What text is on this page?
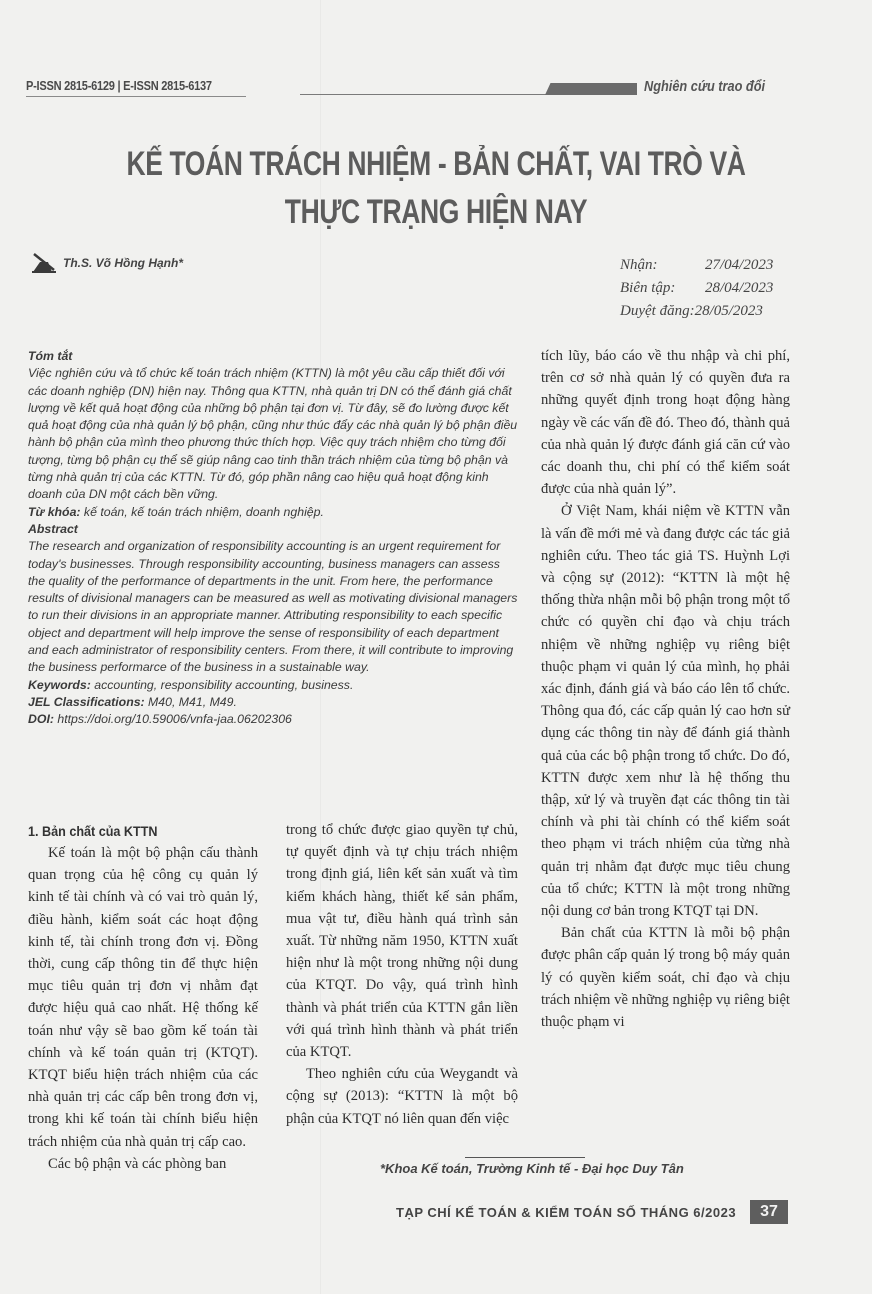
P-ISSN 2815-6129 | E-ISSN 2815-6137	Nghiên cứu trao đổi
KẾ TOÁN TRÁCH NHIỆM - BẢN CHẤT, VAI TRÒ VÀ
THỰC TRẠNG HIỆN NAY
Th.S. Võ Hồng Hạnh*	Nhận:	27/04/2023
Biên tập:	28/04/2023
Duyệt đăng: 28/05/2023

Tóm tắt

Việc nghiên cứu và tổ chức kế toán trách nhiệm (KTTN) là một yêu cầu cấp thiết đối với các doanh nghiệp (DN) hiện nay. Thông qua KTTN, nhà quản trị DN có thể đánh giá chất lượng về kết quả hoạt động của những bộ phận tại đơn vị. Từ đây, sẽ đo lường được kết quả hoạt động của nhà quản lý bộ phận, cũng như thúc đẩy các nhà quản lý bộ phận điều hành bộ phận của mình theo phương thức thích hợp. Việc quy trách nhiệm cho từng đối tượng, từng bộ phận cụ thể sẽ giúp nâng cao tinh thần trách nhiệm của từng bộ phận và từng nhà quản trị của các KTTN. Từ đó, góp phần nâng cao hiệu quả hoạt động kinh doanh của DN một cách bền vững.

Từ khóa: kế toán, kế toán trách nhiệm, doanh nghiệp.

Abstract

The research and organization of responsibility accounting is an urgent requirement for today's businesses. Through responsibility accounting, business managers can assess the quality of the performance of departments in the unit. From here, the performance results of divisional managers can be measured as well as motivating divisional managers to run their divisions in an appropriate manner. Attributing responsibility to each specific object and department will help improve the sense of responsibility of each department and each administrator of responsibility centers. From there, it will contribute to improving the business performarce of the business in a sustainable way.

Keywords: accounting, responsibility accounting, business.

JEL Classifications: M40, M41, M49.

DOI: https://doi.org/10.59006/vnfa-jaa.06202306

1. Bản chất của KTTN

Kế toán là một bộ phận cấu thành quan trọng của hệ công cụ quản lý kinh tế tài chính và có vai trò quản lý, điều hành, kiểm soát các hoạt động kinh tế, tài chính trong đơn vị. Đồng thời, cung cấp thông tin để thực hiện mục tiêu quản trị đơn vị nhằm đạt được hiệu quả cao nhất. Hệ thống kế toán như vậy sẽ bao gồm kế toán tài chính và kế toán quản trị (KTQT). KTQT biểu hiện trách nhiệm của các nhà quản trị các cấp bên trong đơn vị, trong khi kế toán tài chính biểu hiện trách nhiệm của nhà quản trị cấp cao.

Các bộ phận và các phòng ban

trong tổ chức được giao quyền tự chủ, tự quyết định và tự chịu trách nhiệm trong định giá, liên kết sản xuất và tìm kiếm khách hàng, thiết kế sản phẩm, mua vật tư, điều hành quá trình sản xuất. Từ những năm 1950, KTTN xuất hiện như là một trong những nội dung của KTQT. Do vậy, quá trình hình thành và phát triển của KTTN gắn liền với quá trình hình thành và phát triển của KTQT.

Theo nghiên cứu của Weygandt và cộng sự (2013): “KTTN là một bộ phận của KTQT nó liên quan đến việc

tích lũy, báo cáo về thu nhập và chi phí, trên cơ sở nhà quản lý có quyền đưa ra những quyết định trong hoạt động hàng ngày về các vấn đề đó. Theo đó, thành quả của nhà quản lý được đánh giá căn cứ vào các doanh thu, chi phí có thể kiểm soát được của nhà quản lý”.

Ở Việt Nam, khái niệm về KTTN vẫn là vấn đề mới mẻ và đang được các tác giả nghiên cứu. Theo tác giả TS. Huỳnh Lợi và cộng sự (2012): “KTTN là một hệ thống thừa nhận mỗi bộ phận trong một tổ chức có quyền chỉ đạo và chịu trách nhiệm về những nghiệp vụ riêng biệt thuộc phạm vi quản lý của mình, họ phải xác định, đánh giá và báo cáo lên tổ chức. Thông qua đó, các cấp quản lý cao hơn sử dụng các thông tin này để đánh giá thành quả của các bộ phận trong tổ chức. Do đó, KTTN được xem như là hệ thống thu thập, xử lý và truyền đạt các thông tin tài chính và phi tài chính có thể kiểm soát theo phạm vi trách nhiệm của từng nhà quản trị nhằm đạt được mục tiêu chung của tổ chức; KTTN là một trong những nội dung cơ bản trong KTQT tại DN.

Bản chất của KTTN là mỗi bộ phận được phân cấp quản lý trong bộ máy quản lý có quyền kiểm soát, chỉ đạo và chịu trách nhiệm về những nghiệp vụ riêng biệt thuộc phạm vi

*Khoa Kế toán, Trường Kinh tế - Đại học Duy Tân
TẠP CHÍ KẾ TOÁN & KIỂM TOÁN SỐ THÁNG 6/2023	37
